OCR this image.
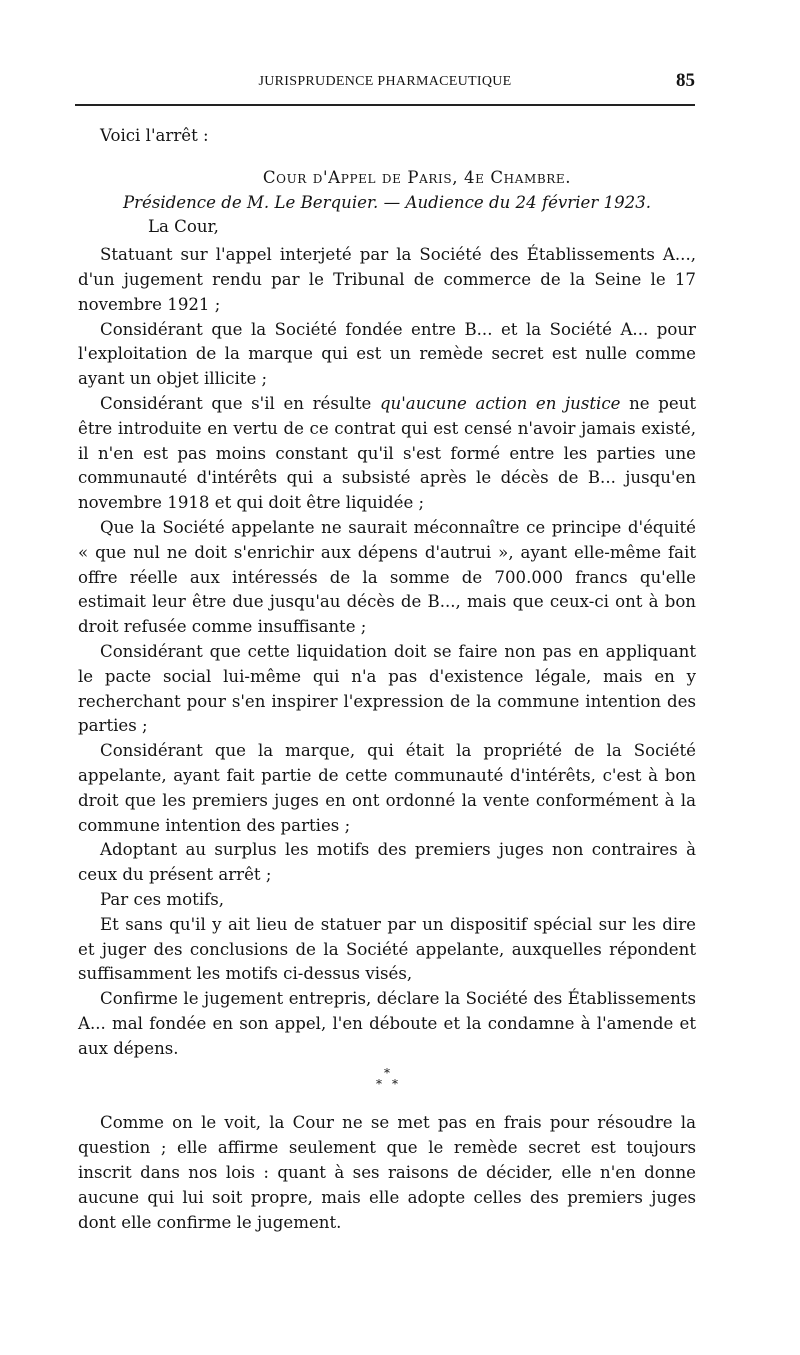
JURISPRUDENCE PHARMACEUTIQUE	85

Voici l'arrêt :

Cour d'Appel de Paris, 4e Chambre.

Présidence de M. Le Berquier. — Audience du 24 février 1923.

La Cour,

Statuant sur l'appel interjeté par la Société des Établissements A..., d'un jugement rendu par le Tribunal de commerce de la Seine le 17 novembre 1921 ;

Considérant que la Société fondée entre B... et la Société A... pour l'exploitation de la marque qui est un remède secret est nulle comme ayant un objet illicite ;

Considérant que s'il en résulte qu'aucune action en justice ne peut être introduite en vertu de ce contrat qui est censé n'avoir jamais existé, il n'en est pas moins constant qu'il s'est formé entre les parties une communauté d'intérêts qui a subsisté après le décès de B... jusqu'en novembre 1918 et qui doit être liquidée ;

Que la Société appelante ne saurait méconnaître ce principe d'équité « que nul ne doit s'enrichir aux dépens d'autrui », ayant elle-même fait offre réelle aux intéressés de la somme de 700.000 francs qu'elle estimait leur être due jusqu'au décès de B..., mais que ceux-ci ont à bon droit refusée comme insuffisante ;

Considérant que cette liquidation doit se faire non pas en appliquant le pacte social lui-même qui n'a pas d'existence légale, mais en y recherchant pour s'en inspirer l'expression de la commune intention des parties ;

Considérant que la marque, qui était la propriété de la Société appelante, ayant fait partie de cette communauté d'intérêts, c'est à bon droit que les premiers juges en ont ordonné la vente conformément à la commune intention des parties ;

Adoptant au surplus les motifs des premiers juges non contraires à ceux du présent arrêt ;

Par ces motifs,

Et sans qu'il y ait lieu de statuer par un dispositif spécial sur les dire et juger des conclusions de la Société appelante, auxquelles répondent suffisamment les motifs ci-dessus visés,

Confirme le jugement entrepris, déclare la Société des Établissements A... mal fondée en son appel, l'en déboute et la condamne à l'amende et aux dépens.

*
* *

Comme on le voit, la Cour ne se met pas en frais pour résoudre la question ; elle affirme seulement que le remède secret est toujours inscrit dans nos lois : quant à ses raisons de décider, elle n'en donne aucune qui lui soit propre, mais elle adopte celles des premiers juges dont elle confirme le jugement.
